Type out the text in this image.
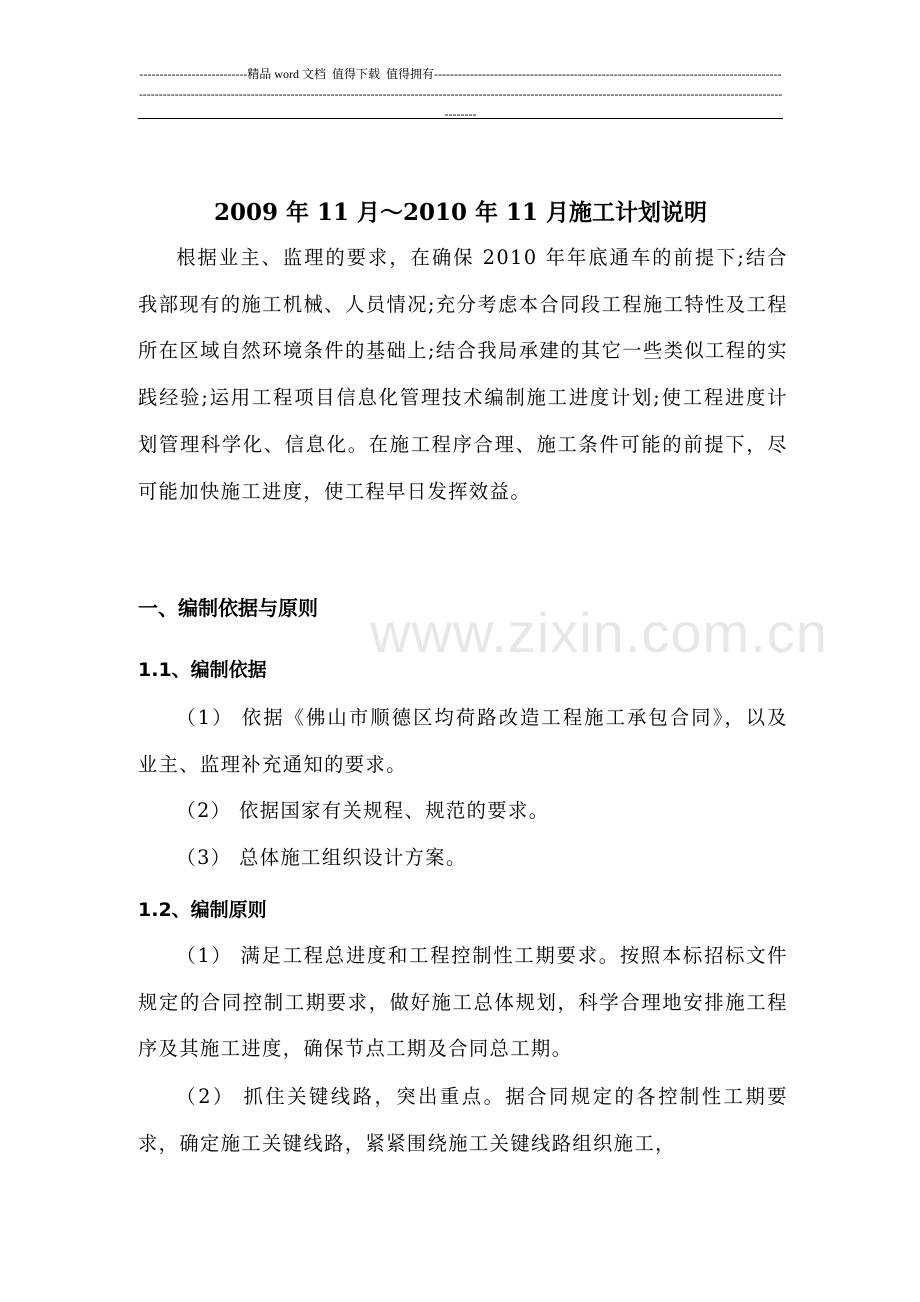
---------------------------精品 word 文档  值得下载  值得拥有----------------------------------------------------------------------------------------------------------------------------------------------------------------------------------------------------------------------------------------------------------------
www.zixin.com.cn
2009 年 11 月～2010 年 11 月施工计划说明

根据业主、监理的要求，在确保 2010 年年底通车的前提下;结合我部现有的施工机械、人员情况;充分考虑本合同段工程施工特性及工程所在区域自然环境条件的基础上;结合我局承建的其它一些类似工程的实践经验;运用工程项目信息化管理技术编制施工进度计划;使工程进度计划管理科学化、信息化。在施工程序合理、施工条件可能的前提下，尽可能加快施工进度，使工程早日发挥效益。

一、编制依据与原则
1.1、编制依据

（1） 依据《佛山市顺德区均荷路改造工程施工承包合同》，以及业主、监理补充通知的要求。

（2） 依据国家有关规程、规范的要求。

（3） 总体施工组织设计方案。

1.2、编制原则

（1） 满足工程总进度和工程控制性工期要求。按照本标招标文件规定的合同控制工期要求，做好施工总体规划，科学合理地安排施工程序及其施工进度，确保节点工期及合同总工期。

（2） 抓住关键线路，突出重点。据合同规定的各控制性工期要求，确定施工关键线路，紧紧围绕施工关键线路组织施工，
